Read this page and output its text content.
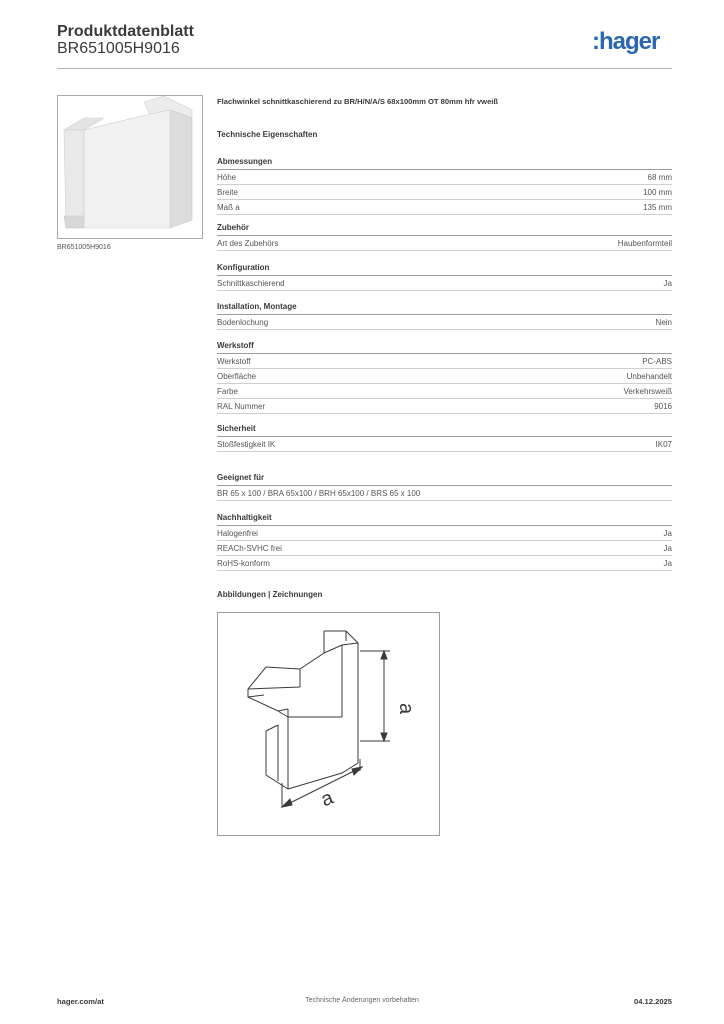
Produktdatenblatt
BR651005H9016	:hager
BR651005H9016
Flachwinkel schnittkaschierend zu BR/H/N/A/S 68x100mm OT 80mm hfr vweiß
Technische Eigenschaften
Abmessungen
Höhe	68 mm
Breite	100 mm
Maß a	135 mm
Zubehör
Art des Zubehörs	Haubenformteil
Konfiguration
Schnittkaschierend	Ja
Installation, Montage
Bodenlochung	Nein
Werkstoff
Werkstoff	PC-ABS
Oberfläche	Unbehandelt
Farbe	Verkehrsweiß
RAL Nummer	9016
Sicherheit
Stoßfestigkeit IK	IK07
Geeignet für
BR 65 x 100 / BRA 65x100 / BRH 65x100 / BRS 65 x 100
Nachhaltigkeit
Halogenfrei	Ja
REACh-SVHC frei	Ja
RoHS-konform	Ja
Abbildungen | Zeichnungen
a
a
hager.com/at	Technische Änderungen vorbehalten	04.12.2025
